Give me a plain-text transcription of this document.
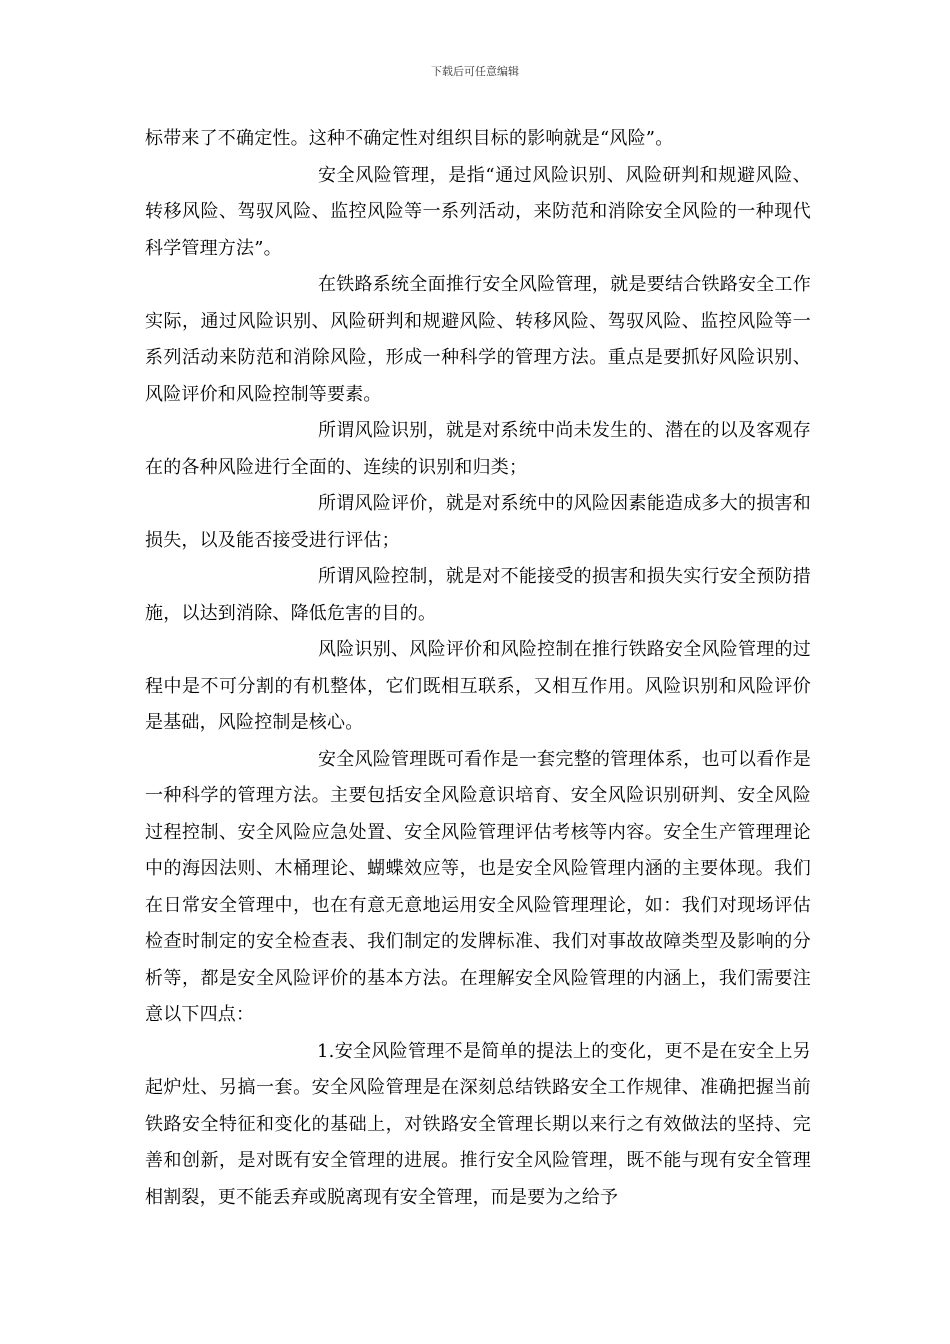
下载后可任意编辑

标带来了不确定性。这种不确定性对组织目标的影响就是“风险”。

安全风险管理，是指“通过风险识别、风险研判和规避风险、转移风险、驾驭风险、监控风险等一系列活动，来防范和消除安全风险的一种现代科学管理方法”。

在铁路系统全面推行安全风险管理，就是要结合铁路安全工作实际，通过风险识别、风险研判和规避风险、转移风险、驾驭风险、监控风险等一系列活动来防范和消除风险，形成一种科学的管理方法。重点是要抓好风险识别、风险评价和风险控制等要素。

所谓风险识别，就是对系统中尚未发生的、潜在的以及客观存在的各种风险进行全面的、连续的识别和归类；

所谓风险评价，就是对系统中的风险因素能造成多大的损害和损失，以及能否接受进行评估；

所谓风险控制，就是对不能接受的损害和损失实行安全预防措施，以达到消除、降低危害的目的。

风险识别、风险评价和风险控制在推行铁路安全风险管理的过程中是不可分割的有机整体，它们既相互联系，又相互作用。风险识别和风险评价是基础，风险控制是核心。

安全风险管理既可看作是一套完整的管理体系，也可以看作是一种科学的管理方法。主要包括安全风险意识培育、安全风险识别研判、安全风险过程控制、安全风险应急处置、安全风险管理评估考核等内容。安全生产管理理论中的海因法则、木桶理论、蝴蝶效应等，也是安全风险管理内涵的主要体现。我们在日常安全管理中，也在有意无意地运用安全风险管理理论，如：我们对现场评估检查时制定的安全检查表、我们制定的发牌标准、我们对事故故障类型及影响的分析等，都是安全风险评价的基本方法。在理解安全风险管理的内涵上，我们需要注意以下四点：

1.安全风险管理不是简单的提法上的变化，更不是在安全上另起炉灶、另搞一套。安全风险管理是在深刻总结铁路安全工作规律、准确把握当前铁路安全特征和变化的基础上，对铁路安全管理长期以来行之有效做法的坚持、完善和创新，是对既有安全管理的进展。推行安全风险管理，既不能与现有安全管理相割裂，更不能丢弃或脱离现有安全管理，而是要为之给予
